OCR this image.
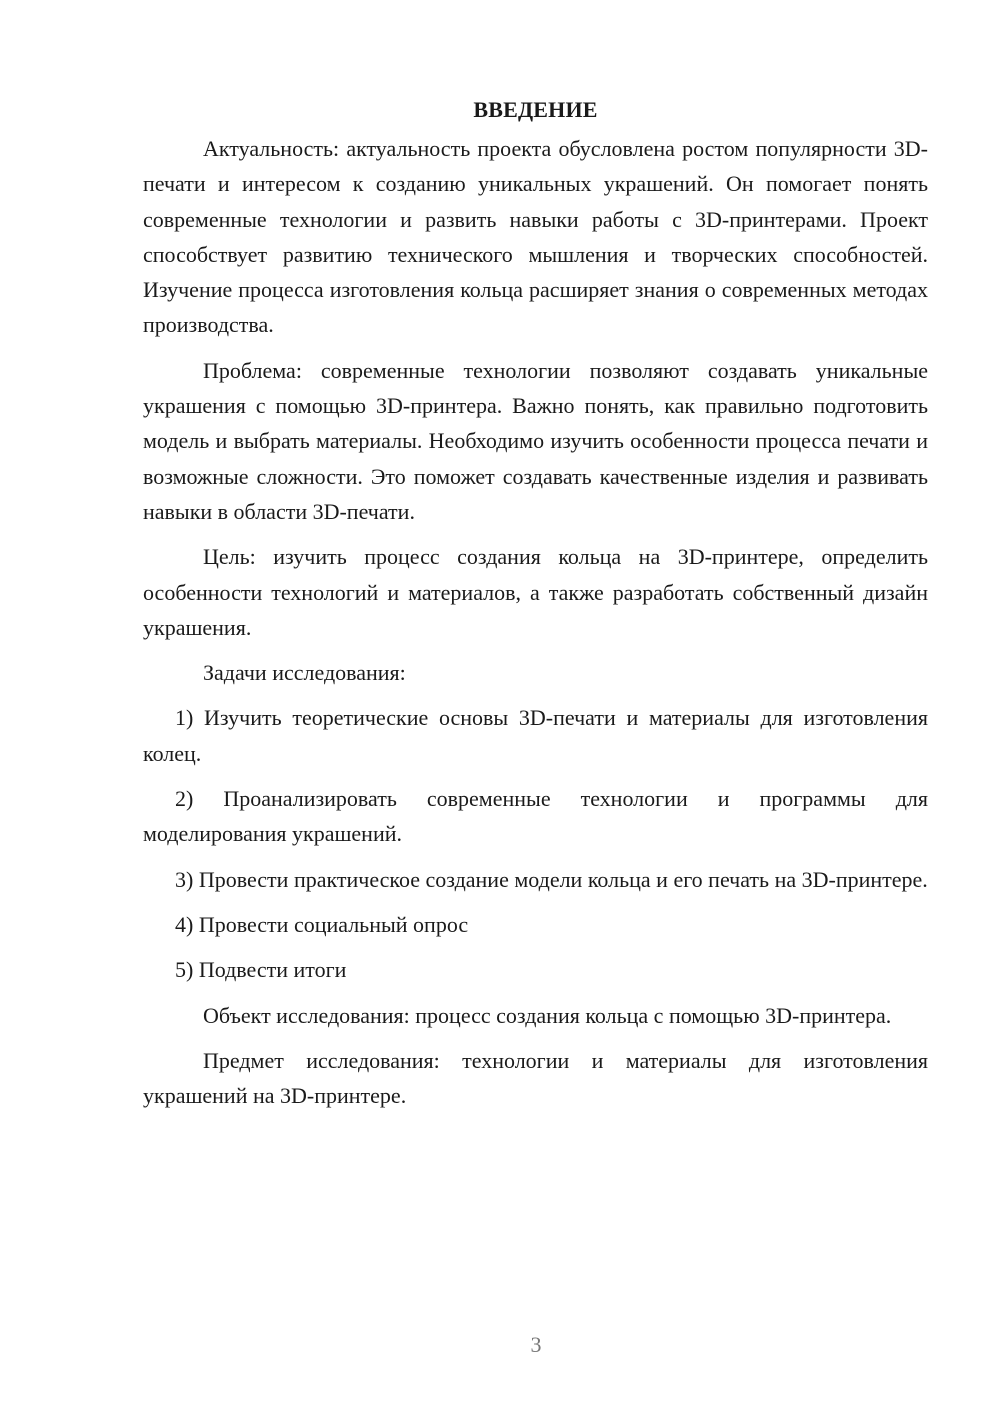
ВВЕДЕНИЕ

Актуальность: актуальность проекта обусловлена ростом популярности 3D-печати и интересом к созданию уникальных украшений. Он помогает понять современные технологии и развить навыки работы с 3D-принтерами. Проект способствует развитию технического мышления и творческих способностей. Изучение процесса изготовления кольца расширяет знания о современных методах производства.

Проблема: современные технологии позволяют создавать уникальные украшения с помощью 3D-принтера. Важно понять, как правильно подготовить модель и выбрать материалы. Необходимо изучить особенности процесса печати и возможные сложности. Это поможет создавать качественные изделия и развивать навыки в области 3D-печати.

Цель: изучить процесс создания кольца на 3D-принтере, определить особенности технологий и материалов, а также разработать собственный дизайн украшения.

Задачи исследования:

1) Изучить теоретические основы 3D-печати и материалы для изготовления колец.

2) Проанализировать современные технологии и программы для моделирования украшений.

3) Провести практическое создание модели кольца и его печать на 3D-принтере.

4) Провести социальный опрос

5) Подвести итоги

Объект исследования: процесс создания кольца с помощью 3D-принтера.

Предмет исследования: технологии и материалы для изготовления украшений на 3D-принтере.

3
